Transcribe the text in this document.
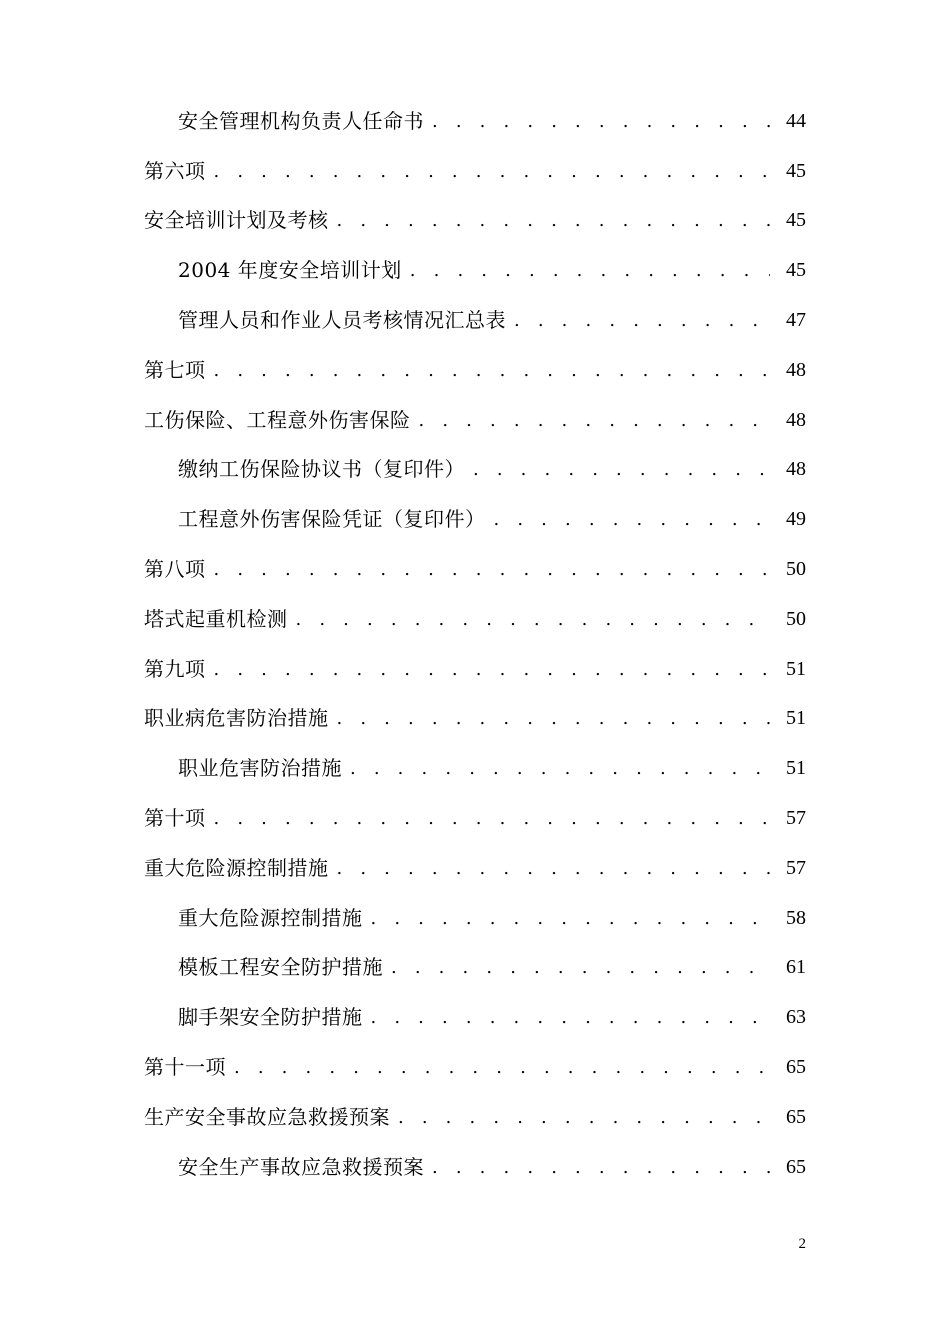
安全管理机构负责人任命书 . . .	44
第六项 . . .	45
安全培训计划及考核 . . .	45
2004 年度安全培训计划 . . .	45
管理人员和作业人员考核情况汇总表 . . .	47
第七项 . . .	48
工伤保险、工程意外伤害保险 . . .	48
缴纳工伤保险协议书（复印件） . . .	48
工程意外伤害保险凭证（复印件） . . .	49
第八项 . . .	50
塔式起重机检测 . . .	50
第九项 . . .	51
职业病危害防治措施 . . .	51
职业危害防治措施 . . .	51
第十项 . . .	57
重大危险源控制措施 . . .	57
重大危险源控制措施 . . .	58
模板工程安全防护措施 . . .	61
脚手架安全防护措施 . . .	63
第十一项 . . .	65
生产安全事故应急救援预案 . . .	65
安全生产事故应急救援预案 . . .	65
2
